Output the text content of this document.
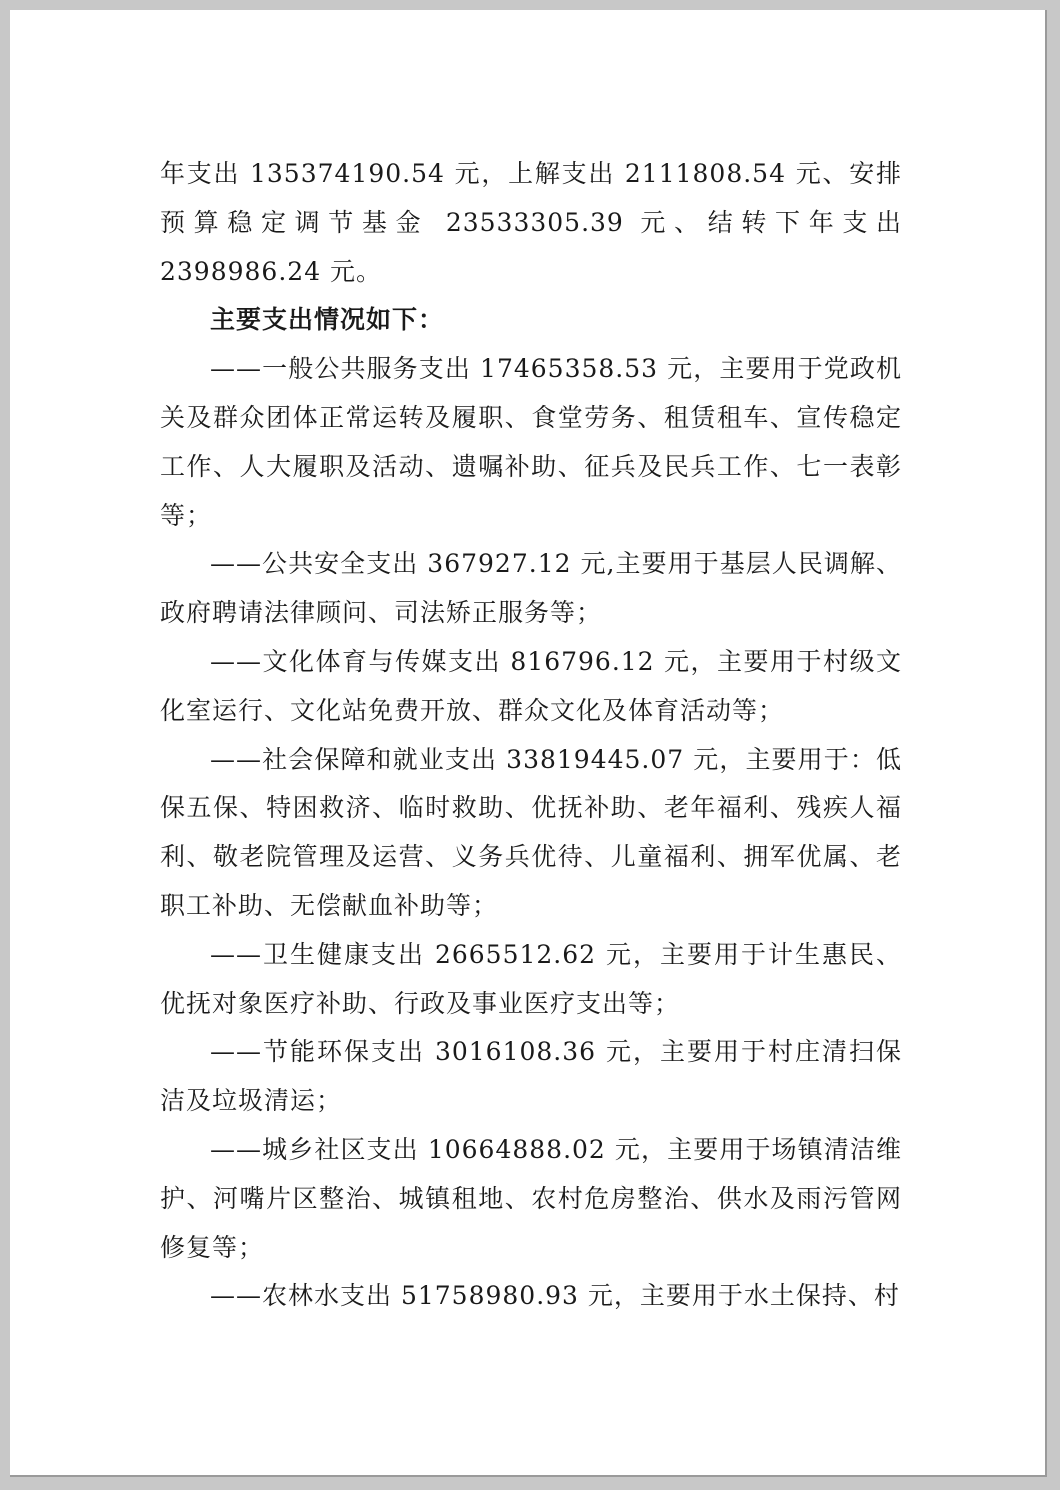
年支出 135374190.54 元，上解支出 2111808.54 元、安排预算稳定调节基金 23533305.39 元、结转下年支出 2398986.24 元。

主要支出情况如下：

——一般公共服务支出 17465358.53 元，主要用于党政机关及群众团体正常运转及履职、食堂劳务、租赁租车、宣传稳定工作、人大履职及活动、遗嘱补助、征兵及民兵工作、七一表彰等；

——公共安全支出 367927.12 元,主要用于基层人民调解、政府聘请法律顾问、司法矫正服务等；

——文化体育与传媒支出 816796.12 元，主要用于村级文化室运行、文化站免费开放、群众文化及体育活动等；

——社会保障和就业支出 33819445.07 元，主要用于：低保五保、特困救济、临时救助、优抚补助、老年福利、残疾人福利、敬老院管理及运营、义务兵优待、儿童福利、拥军优属、老职工补助、无偿献血补助等；

——卫生健康支出 2665512.62 元，主要用于计生惠民、优抚对象医疗补助、行政及事业医疗支出等；

——节能环保支出 3016108.36 元，主要用于村庄清扫保洁及垃圾清运；

——城乡社区支出 10664888.02 元，主要用于场镇清洁维护、河嘴片区整治、城镇租地、农村危房整治、供水及雨污管网修复等；

——农林水支出 51758980.93 元，主要用于水土保持、村
